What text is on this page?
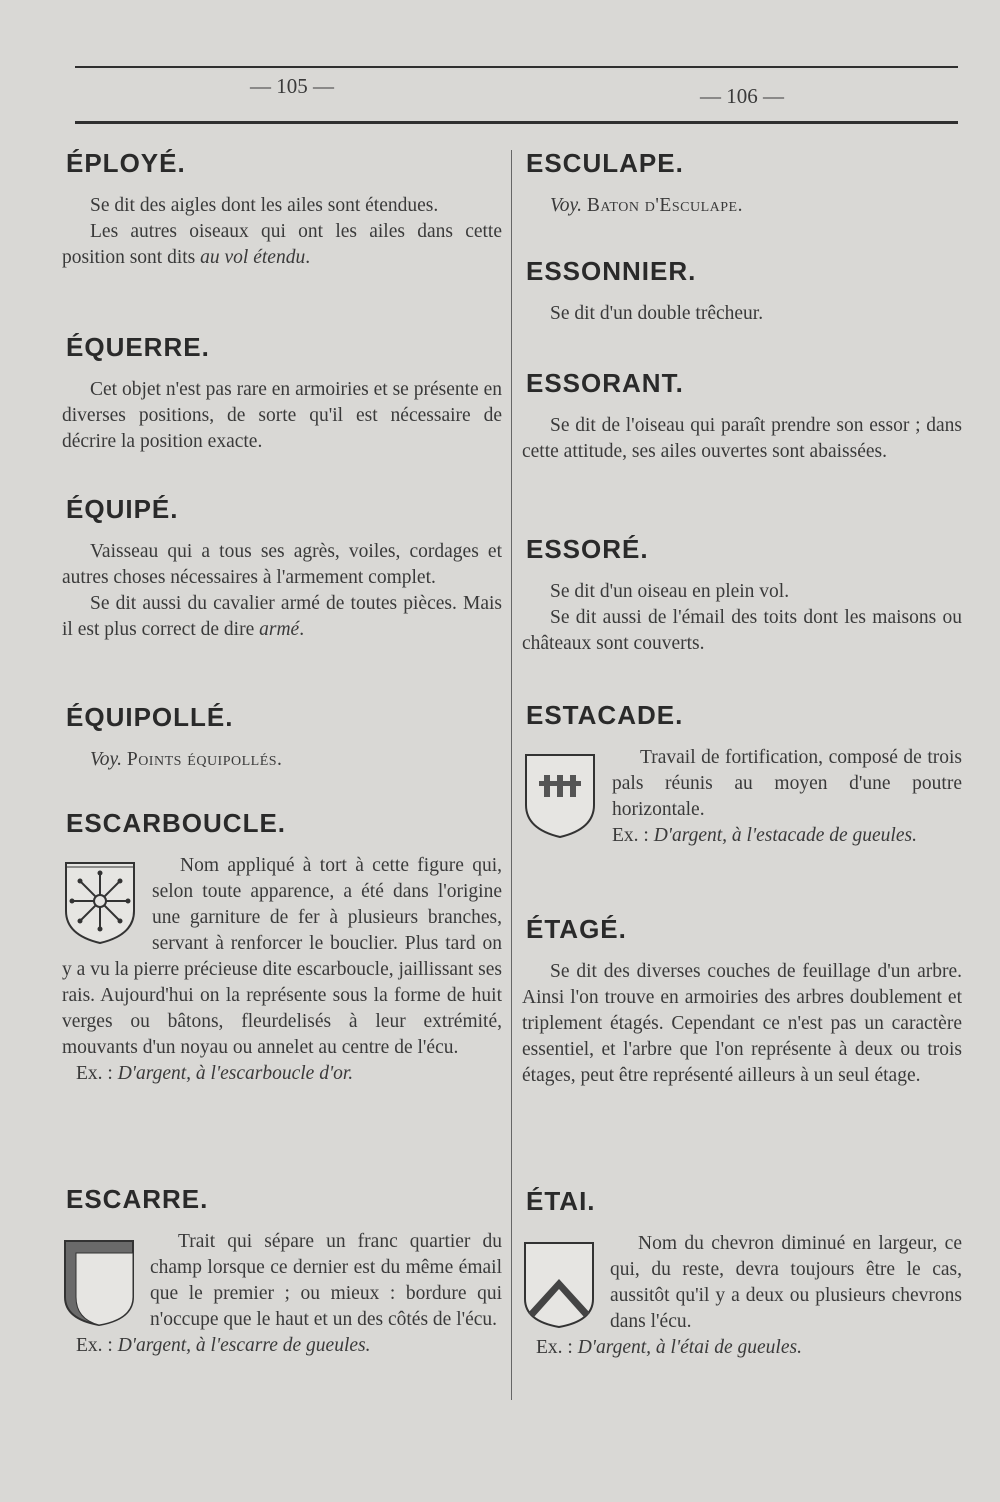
— 105 —	— 106 —
ÉPLOYÉ.

Se dit des aigles dont les ailes sont étendues.

Les autres oiseaux qui ont les ailes dans cette position sont dits au vol étendu.

ÉQUERRE.

Cet objet n'est pas rare en armoiries et se présente en diverses positions, de sorte qu'il est nécessaire de décrire la position exacte.

ÉQUIPÉ.

Vaisseau qui a tous ses agrès, voiles, cordages et autres choses nécessaires à l'armement complet.

Se dit aussi du cavalier armé de toutes pièces. Mais il est plus correct de dire armé.

ÉQUIPOLLÉ.

Voy. Points équipollés.

ESCARBOUCLE.

Nom appliqué à tort à cette figure qui, selon toute apparence, a été dans l'origine une garniture de fer à plusieurs branches, servant à renforcer le bouclier. Plus tard on y a vu la pierre précieuse dite escarboucle, jaillissant ses rais. Aujourd'hui on la représente sous la forme de huit verges ou bâtons, fleurdelisés à leur extrémité, mouvants d'un noyau ou annelet au centre de l'écu.

Ex. : D'argent, à l'escarboucle d'or.

ESCARRE.

Trait qui sépare un franc quartier du champ lorsque ce dernier est du même émail que le premier ; ou mieux : bordure qui n'occupe que le haut et un des côtés de l'écu.

Ex. : D'argent, à l'escarre de gueules.

ESCULAPE.

Voy. Baton d'Esculape.

ESSONNIER.

Se dit d'un double trêcheur.

ESSORANT.

Se dit de l'oiseau qui paraît prendre son essor ; dans cette attitude, ses ailes ouvertes sont abaissées.

ESSORÉ.

Se dit d'un oiseau en plein vol.

Se dit aussi de l'émail des toits dont les maisons ou châteaux sont couverts.

ESTACADE.

Travail de fortification, composé de trois pals réunis au moyen d'une poutre horizontale.

Ex. : D'argent, à l'estacade de gueules.

ÉTAGÉ.

Se dit des diverses couches de feuillage d'un arbre. Ainsi l'on trouve en armoiries des arbres doublement et triplement étagés. Cependant ce n'est pas un caractère essentiel, et l'arbre que l'on représente à deux ou trois étages, peut être représenté ailleurs à un seul étage.

ÉTAI.

Nom du chevron diminué en largeur, ce qui, du reste, devra toujours être le cas, aussitôt qu'il y a deux ou plusieurs chevrons dans l'écu.

Ex. : D'argent, à l'étai de gueules.
